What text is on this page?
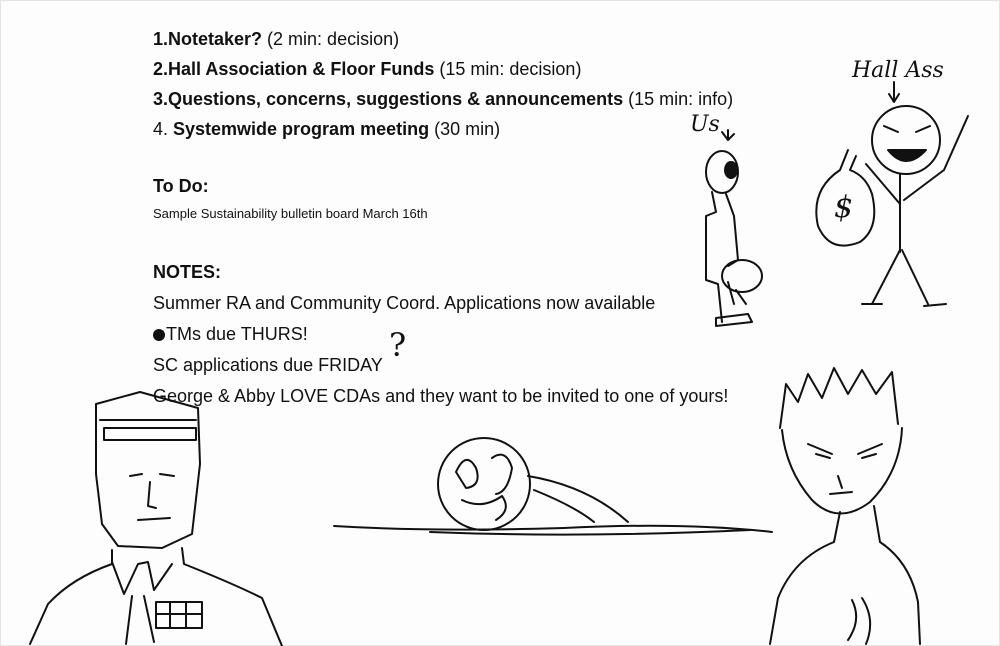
1.Notetaker? (2 min: decision)
2.Hall Association & Floor Funds (15 min: decision)
3.Questions, concerns, suggestions & announcements (15 min: info)
4. Systemwide program meeting (30 min)
To Do:
Sample Sustainability bulletin board March 16th
NOTES:
Summer RA and Community Coord. Applications now available
TMs due THURS!
SC applications due FRIDAY
George & Abby LOVE CDAs and they want to be invited to one of yours!
Us
Hall Ass
$
?
